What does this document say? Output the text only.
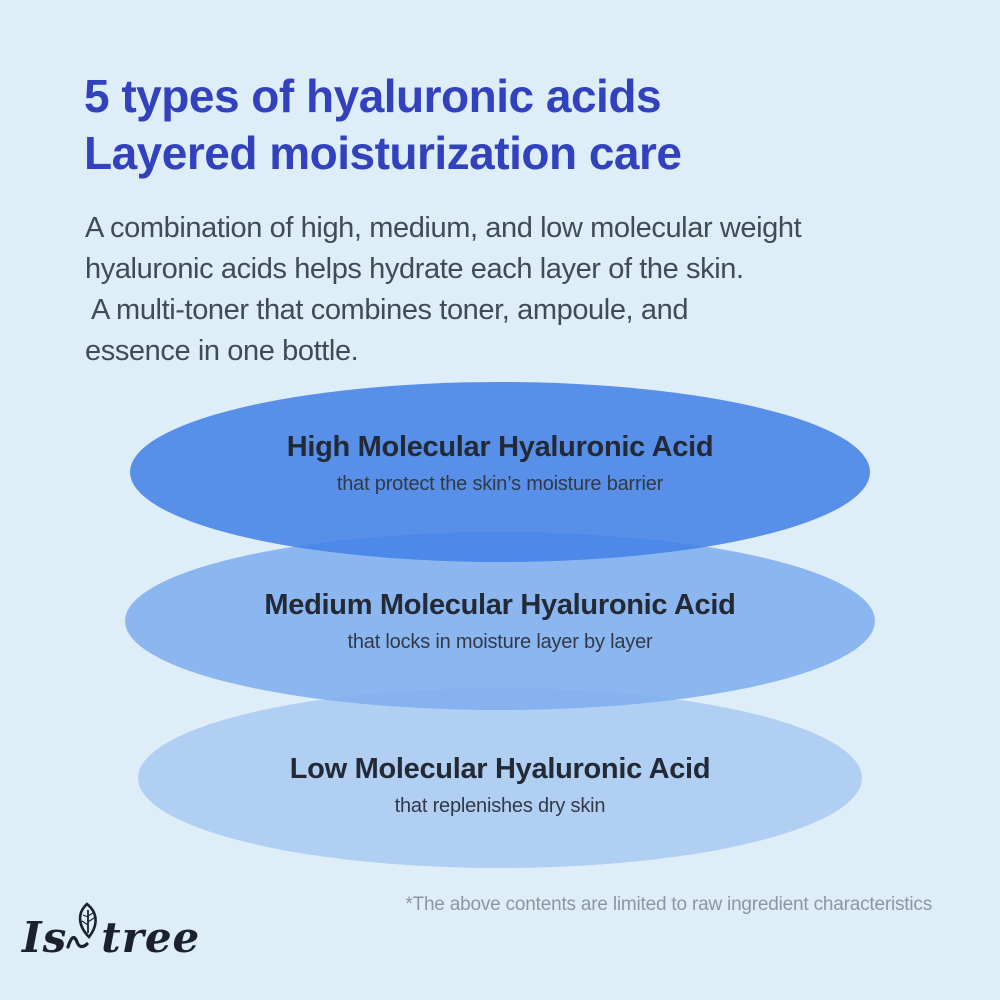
5 types of hyaluronic acids
Layered moisturization care

A combination of high, medium, and low molecular weight
hyaluronic acids helps hydrate each layer of the skin.
A multi-toner that combines toner, ampoule, and
essence in one bottle.

High Molecular Hyaluronic Acid
that protect the skin’s moisture barrier
Medium Molecular Hyaluronic Acid
that locks in moisture layer by layer
Low Molecular Hyaluronic Acid
that replenishes dry skin
*The above contents are limited to raw ingredient characteristics
Is tree
